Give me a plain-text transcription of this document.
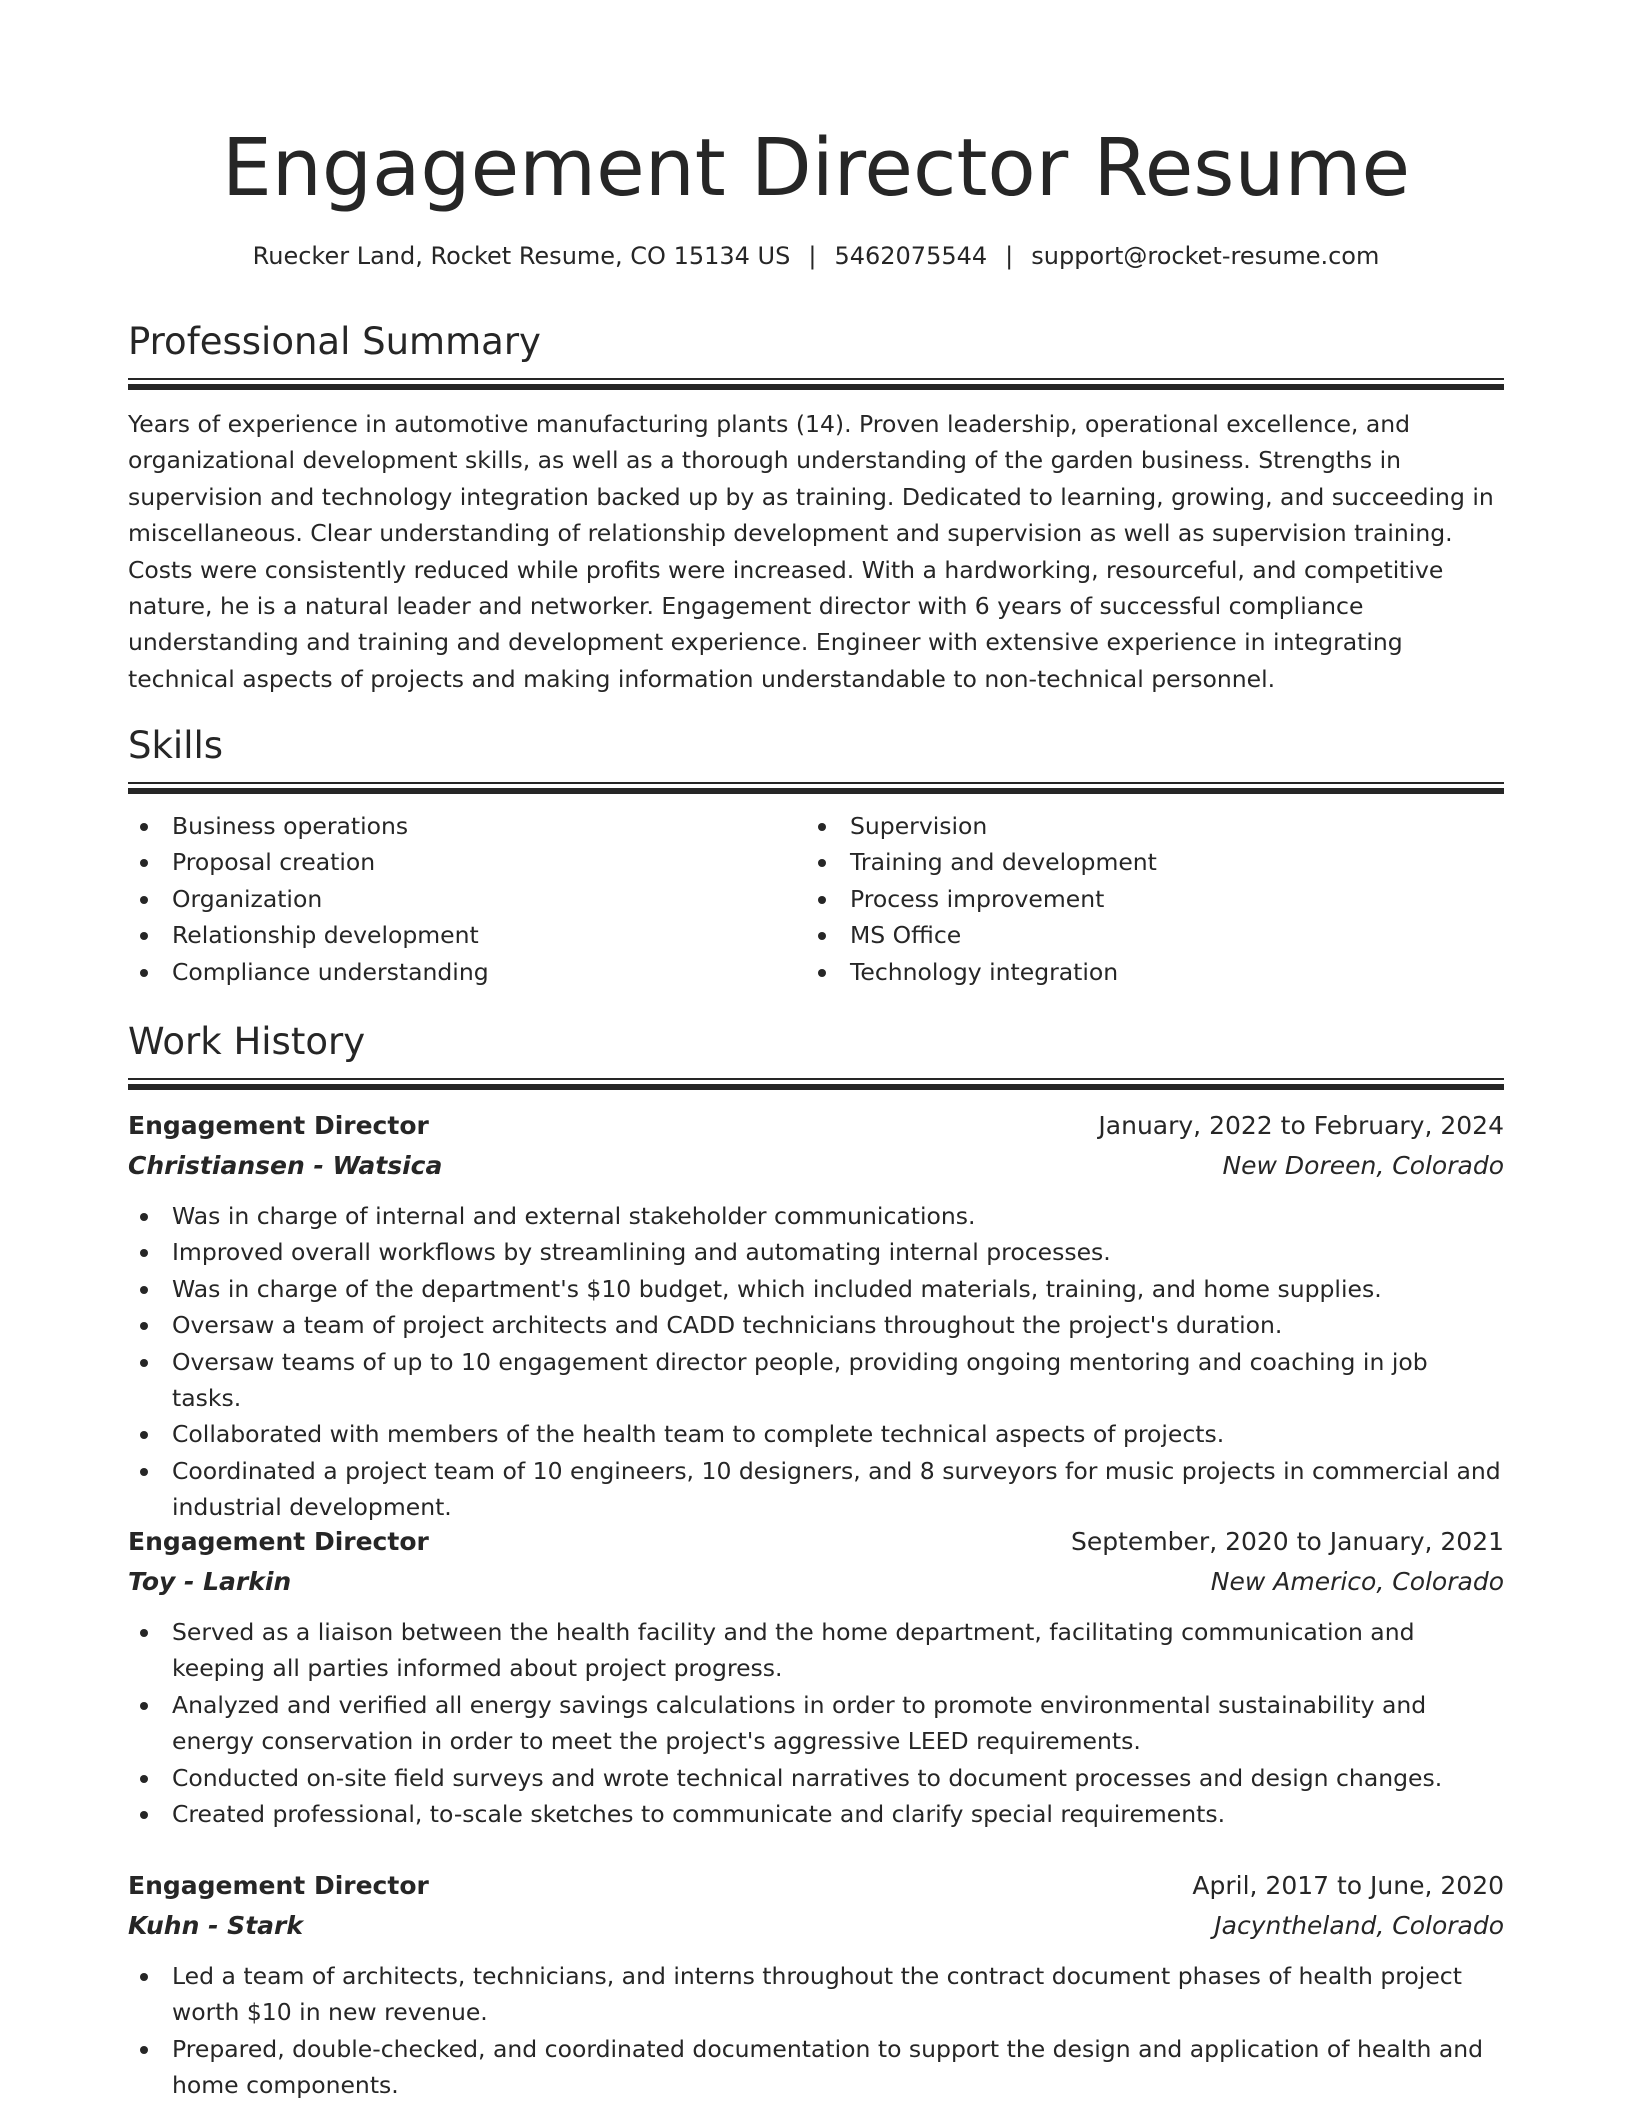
Engagement Director Resume
Ruecker Land, Rocket Resume, CO 15134 US | 5462075544 | support@rocket-resume.com
Professional Summary
Years of experience in automotive manufacturing plants (14). Proven leadership, operational excellence, and organizational development skills, as well as a thorough understanding of the garden business. Strengths in supervision and technology integration backed up by as training. Dedicated to learning, growing, and succeeding in miscellaneous. Clear understanding of relationship development and supervision as well as supervision training. Costs were consistently reduced while profits were increased. With a hardworking, resourceful, and competitive nature, he is a natural leader and networker. Engagement director with 6 years of successful compliance understanding and training and development experience. Engineer with extensive experience in integrating technical aspects of projects and making information understandable to non-technical personnel.
Skills
Business operations
Proposal creation
Organization
Relationship development
Compliance understanding
Supervision
Training and development
Process improvement
MS Office
Technology integration
Work History
Engagement Director	January, 2022 to February, 2024
Christiansen - Watsica	New Doreen, Colorado
Was in charge of internal and external stakeholder communications.
Improved overall workflows by streamlining and automating internal processes.
Was in charge of the department's $10 budget, which included materials, training, and home supplies.
Oversaw a team of project architects and CADD technicians throughout the project's duration.
Oversaw teams of up to 10 engagement director people, providing ongoing mentoring and coaching in job tasks.
Collaborated with members of the health team to complete technical aspects of projects.
Coordinated a project team of 10 engineers, 10 designers, and 8 surveyors for music projects in commercial and industrial development.
Engagement Director	September, 2020 to January, 2021
Toy - Larkin	New Americo, Colorado
Served as a liaison between the health facility and the home department, facilitating communication and keeping all parties informed about project progress.
Analyzed and verified all energy savings calculations in order to promote environmental sustainability and energy conservation in order to meet the project's aggressive LEED requirements.
Conducted on-site field surveys and wrote technical narratives to document processes and design changes.
Created professional, to-scale sketches to communicate and clarify special requirements.
Engagement Director	April, 2017 to June, 2020
Kuhn - Stark	Jacyntheland, Colorado
Led a team of architects, technicians, and interns throughout the contract document phases of health project worth $10 in new revenue.
Prepared, double-checked, and coordinated documentation to support the design and application of health and home components.
